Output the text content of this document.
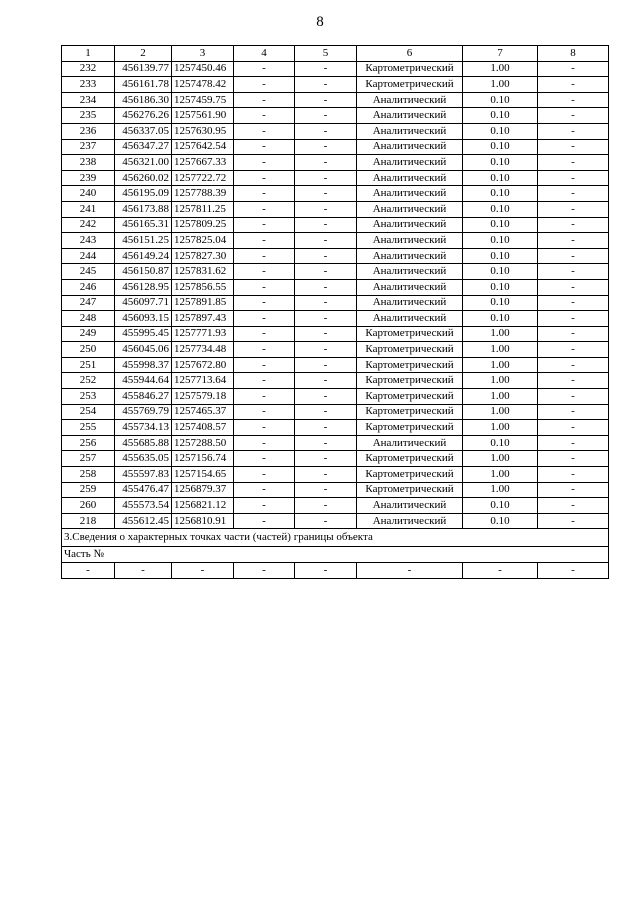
8
1	2	3	4	5	6	7	8
232	456139.77	1257450.46	-	-	Картометрический	1.00	-
233	456161.78	1257478.42	-	-	Картометрический	1.00	-
234	456186.30	1257459.75	-	-	Аналитический	0.10	-
235	456276.26	1257561.90	-	-	Аналитический	0.10	-
236	456337.05	1257630.95	-	-	Аналитический	0.10	-
237	456347.27	1257642.54	-	-	Аналитический	0.10	-
238	456321.00	1257667.33	-	-	Аналитический	0.10	-
239	456260.02	1257722.72	-	-	Аналитический	0.10	-
240	456195.09	1257788.39	-	-	Аналитический	0.10	-
241	456173.88	1257811.25	-	-	Аналитический	0.10	-
242	456165.31	1257809.25	-	-	Аналитический	0.10	-
243	456151.25	1257825.04	-	-	Аналитический	0.10	-
244	456149.24	1257827.30	-	-	Аналитический	0.10	-
245	456150.87	1257831.62	-	-	Аналитический	0.10	-
246	456128.95	1257856.55	-	-	Аналитический	0.10	-
247	456097.71	1257891.85	-	-	Аналитический	0.10	-
248	456093.15	1257897.43	-	-	Аналитический	0.10	-
249	455995.45	1257771.93	-	-	Картометрический	1.00	-
250	456045.06	1257734.48	-	-	Картометрический	1.00	-
251	455998.37	1257672.80	-	-	Картометрический	1.00	-
252	455944.64	1257713.64	-	-	Картометрический	1.00	-
253	455846.27	1257579.18	-	-	Картометрический	1.00	-
254	455769.79	1257465.37	-	-	Картометрический	1.00	-
255	455734.13	1257408.57	-	-	Картометрический	1.00	-
256	455685.88	1257288.50	-	-	Аналитический	0.10	-
257	455635.05	1257156.74	-	-	Картометрический	1.00	-
258	455597.83	1257154.65	-	-	Картометрический	1.00	-
259	455476.47	1256879.37	-	-	Картометрический	1.00	-
260	455573.54	1256821.12	-	-	Аналитический	0.10	-
218	455612.45	1256810.91	-	-	Аналитический	0.10	-
3.Сведения о характерных точках части (частей) границы объекта							
Часть №							
-	-	-	-	-	-	-	-
